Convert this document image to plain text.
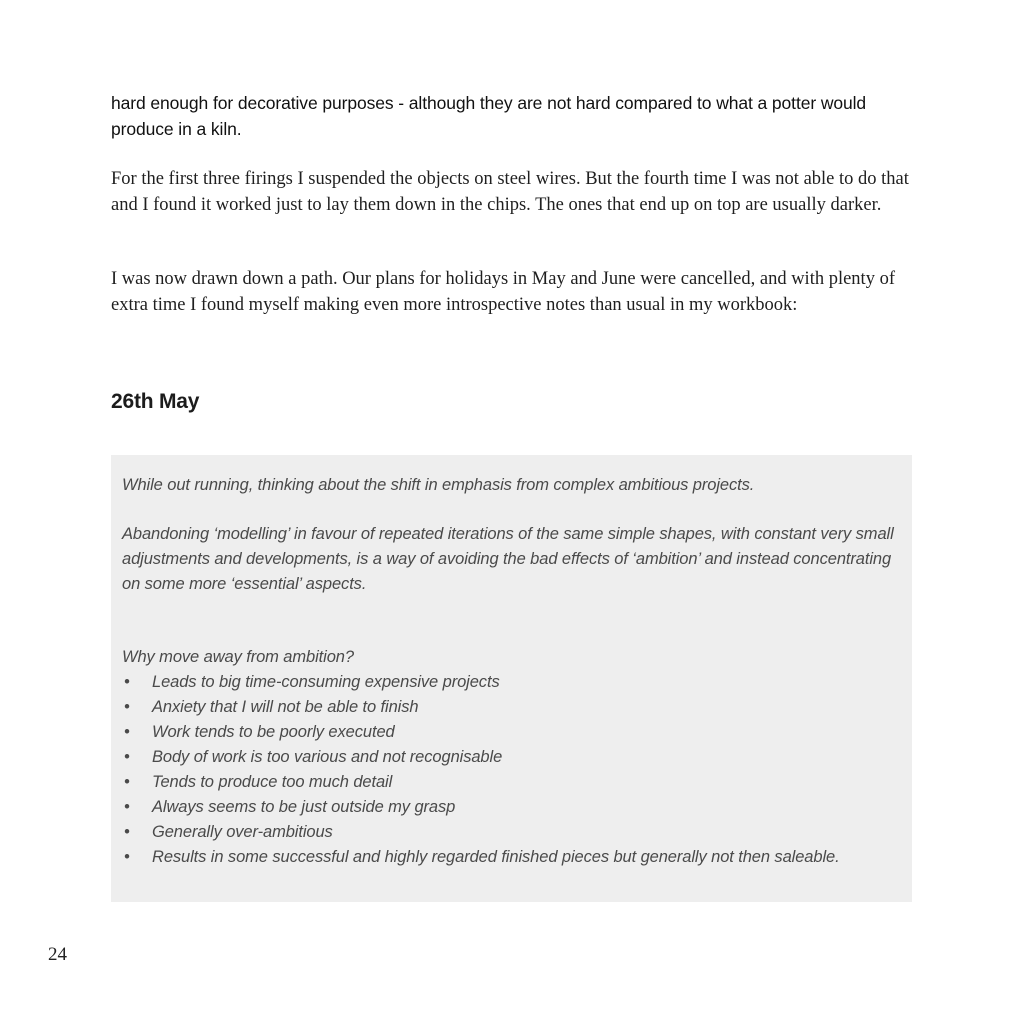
hard enough for decorative purposes - although they are not hard compared to what a potter would produce in a kiln.

For the first three firings I suspended the objects on steel wires. But the fourth time I was not able to do that and I found it worked just to lay them down in the chips. The ones that end up on top are usually darker.

I was now drawn down a path. Our plans for holidays in May and June were cancelled, and with plenty of extra time I found myself making even more introspective notes than usual in my workbook:

26th May

While out running, thinking about the shift in emphasis from complex ambitious projects.

Abandoning ‘modelling’ in favour of repeated iterations of the same simple shapes, with constant very small adjustments and developments, is a way of avoiding the bad effects of ‘ambition’ and instead concentrating on some more ‘essential’ aspects.

Why move away from ambition?

• Leads to big time-consuming expensive projects
• Anxiety that I will not be able to finish
• Work tends to be poorly executed
• Body of work is too various and not recognisable
• Tends to produce too much detail
• Always seems to be just outside my grasp
• Generally over-ambitious
• Results in some successful and highly regarded finished pieces but generally not then saleable.
24
